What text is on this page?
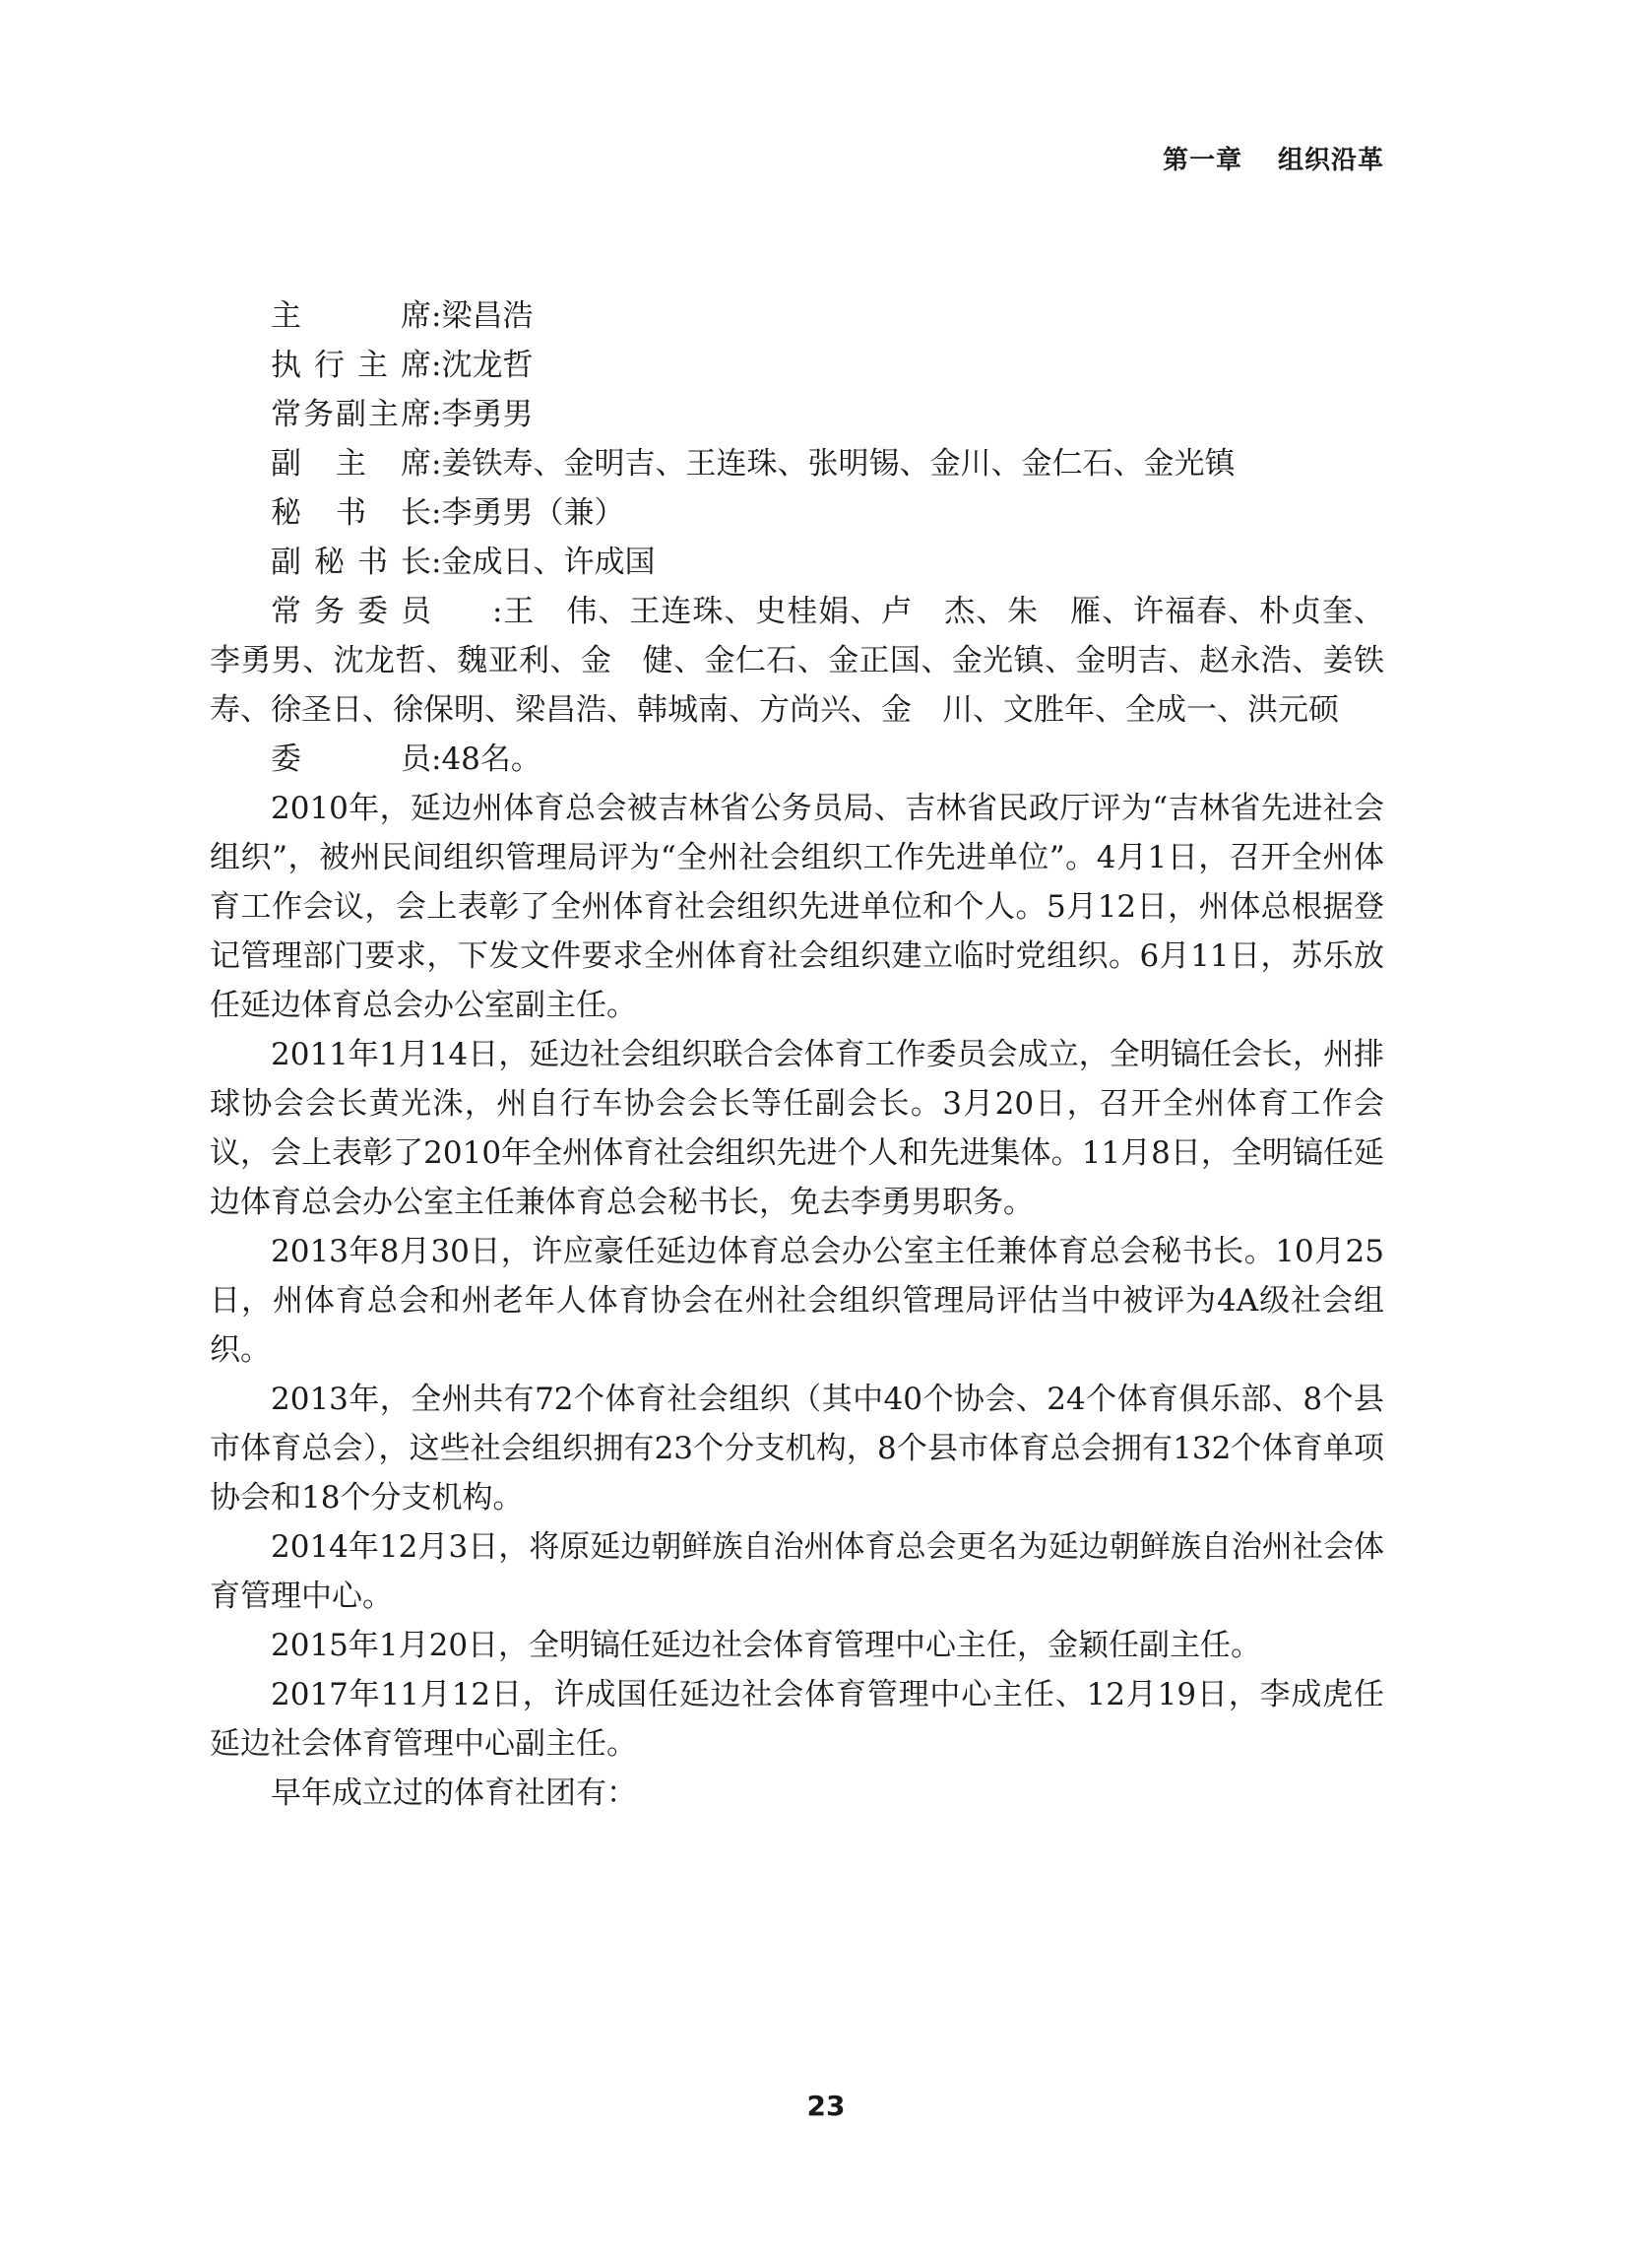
第一章 组织沿革
主席:梁昌浩
执行主席:沈龙哲
常务副主席:李勇男
副主席:姜铁寿、金明吉、王连珠、张明锡、金川、金仁石、金光镇
秘书长:李勇男（兼）
副秘书长:金成日、许成国

常务委员 :王　伟、王连珠、史桂娟、卢　杰、朱　雁、许福春、朴贞奎、李勇男、沈龙哲、魏亚利、金　健、金仁石、金正国、金光镇、金明吉、赵永浩、姜铁寿、徐圣日、徐保明、梁昌浩、韩城南、方尚兴、金　川、文胜年、全成一、洪元硕

委员:48名。

2010年，延边州体育总会被吉林省公务员局、吉林省民政厅评为“吉林省先进社会组织”，被州民间组织管理局评为“全州社会组织工作先进单位”。4月1日，召开全州体育工作会议，会上表彰了全州体育社会组织先进单位和个人。5月12日，州体总根据登记管理部门要求，下发文件要求全州体育社会组织建立临时党组织。6月11日，苏乐放任延边体育总会办公室副主任。

2011年1月14日，延边社会组织联合会体育工作委员会成立，全明镐任会长，州排球协会会长黄光洙，州自行车协会会长等任副会长。3月20日，召开全州体育工作会议，会上表彰了2010年全州体育社会组织先进个人和先进集体。11月8日，全明镐任延边体育总会办公室主任兼体育总会秘书长，免去李勇男职务。

2013年8月30日，许应豪任延边体育总会办公室主任兼体育总会秘书长。10月25日，州体育总会和州老年人体育协会在州社会组织管理局评估当中被评为4A级社会组织。

2013年，全州共有72个体育社会组织（其中40个协会、24个体育俱乐部、8个县市体育总会），这些社会组织拥有23个分支机构，8个县市体育总会拥有132个体育单项协会和18个分支机构。

2014年12月3日，将原延边朝鲜族自治州体育总会更名为延边朝鲜族自治州社会体育管理中心。

2015年1月20日，全明镐任延边社会体育管理中心主任，金颖任副主任。

2017年11月12日，许成国任延边社会体育管理中心主任、12月19日，李成虎任延边社会体育管理中心副主任。

早年成立过的体育社团有：
23
